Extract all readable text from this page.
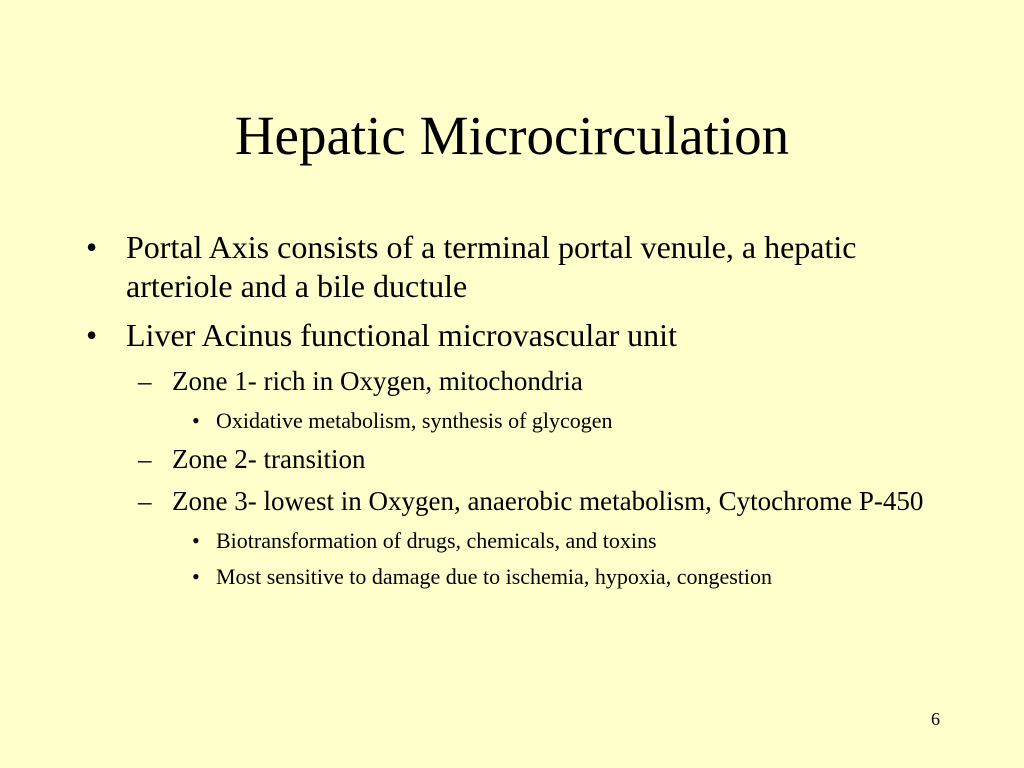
Hepatic Microcirculation
• Portal Axis consists of a terminal portal venule, a hepatic arteriole and a bile ductule
• Liver Acinus functional microvascular unit
– Zone 1- rich in Oxygen, mitochondria
• Oxidative metabolism, synthesis of glycogen
– Zone 2- transition
– Zone 3- lowest in Oxygen, anaerobic metabolism, Cytochrome P-450
• Biotransformation of drugs, chemicals, and toxins
• Most sensitive to damage due to ischemia, hypoxia, congestion
6
